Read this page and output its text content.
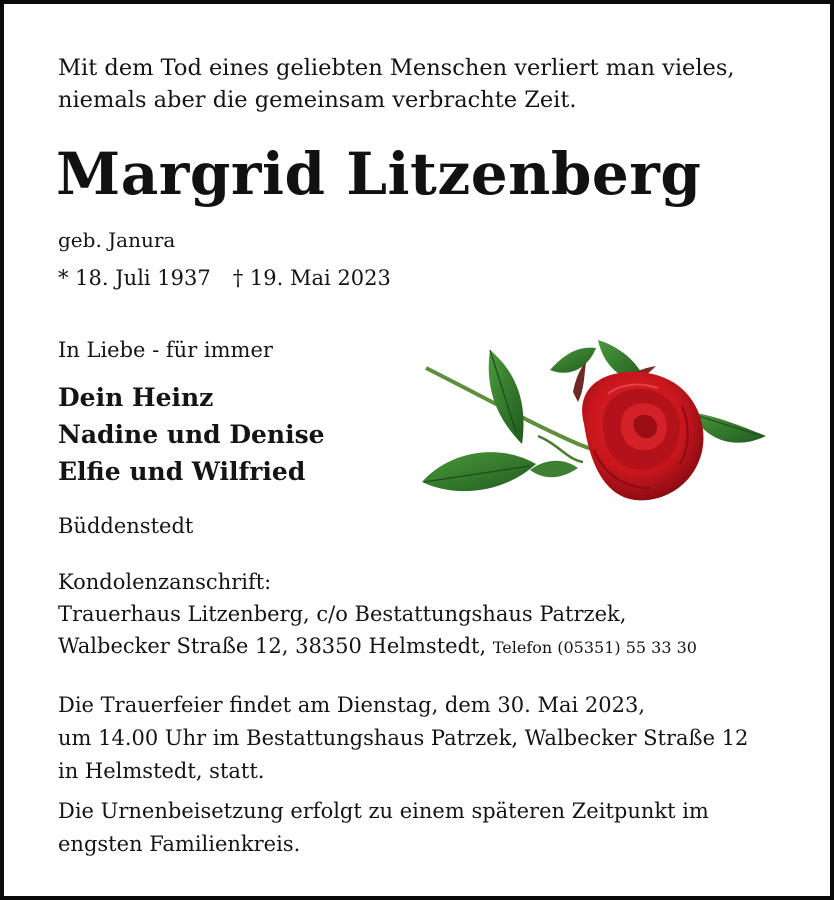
Mit dem Tod eines geliebten Menschen verliert man vieles,
niemals aber die gemeinsam verbrachte Zeit.
Margrid Litzenberg
geb. Janura
* 18. Juli 1937 † 19. Mai 2023
In Liebe - für immer
Dein Heinz
Nadine und Denise
Elfie und Wilfried
Büddenstedt
Kondolenzanschrift:
Trauerhaus Litzenberg, c/o Bestattungshaus Patrzek,
Walbecker Straße 12, 38350 Helmstedt, Telefon (05351) 55 33 30
Die Trauerfeier findet am Dienstag, dem 30. Mai 2023,
um 14.00 Uhr im Bestattungshaus Patrzek, Walbecker Straße 12
in Helmstedt, statt.
Die Urnenbeisetzung erfolgt zu einem späteren Zeitpunkt im
engsten Familienkreis.
